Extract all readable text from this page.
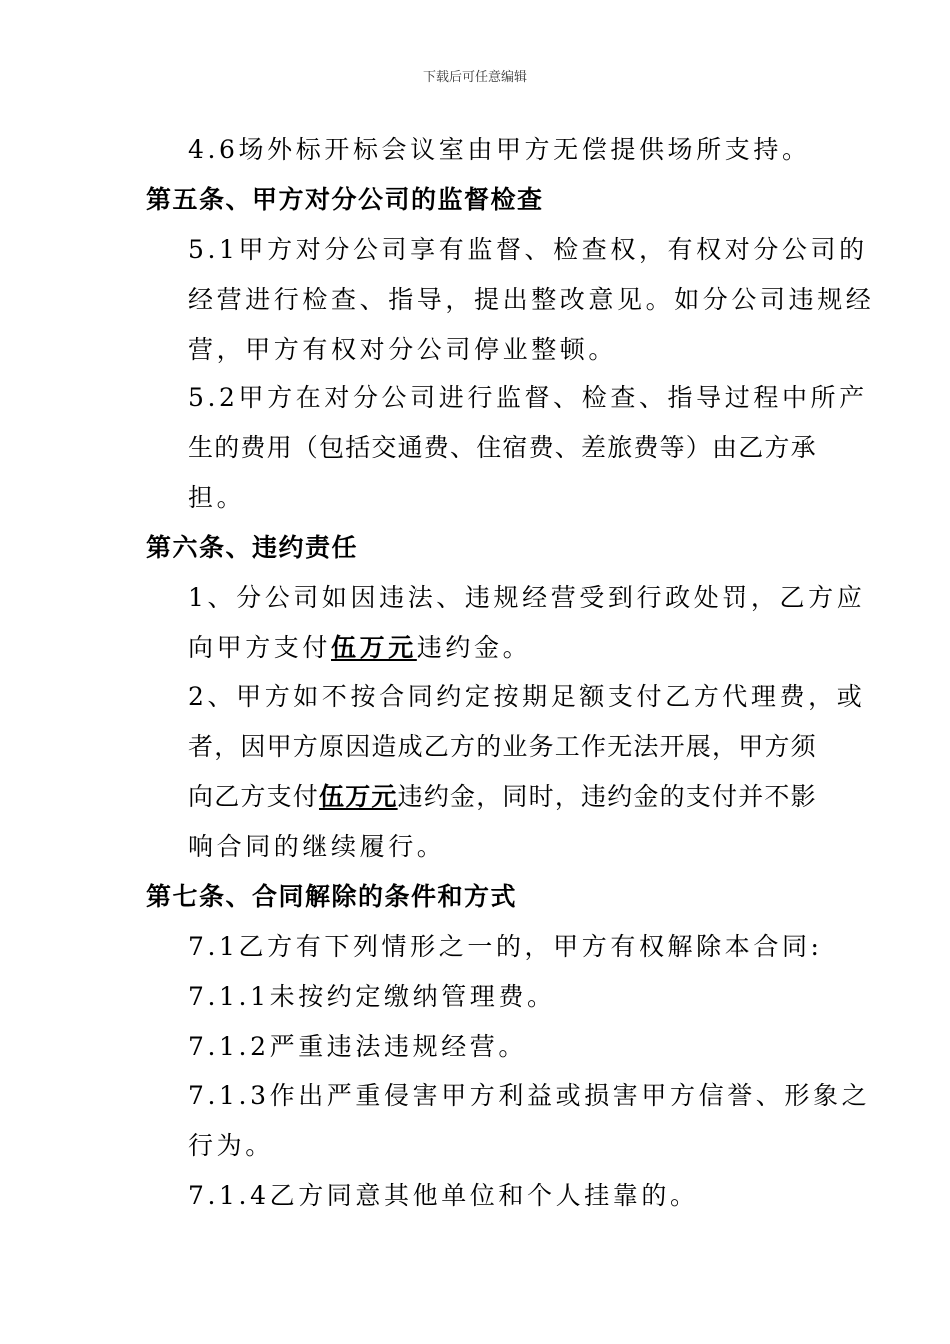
下载后可任意编辑
4.6场外标开标会议室由甲方无偿提供场所支持。
第五条、甲方对分公司的监督检查
5.1甲方对分公司享有监督、检查权，有权对分公司的
经营进行检查、指导，提出整改意见。如分公司违规经
营，甲方有权对分公司停业整顿。
5.2甲方在对分公司进行监督、检查、指导过程中所产
生的费用（包括交通费、住宿费、差旅费等）由乙方承
担。
第六条、违约责任
1、分公司如因违法、违规经营受到行政处罚，乙方应
向甲方支付伍万元违约金。
2、甲方如不按合同约定按期足额支付乙方代理费，或
者，因甲方原因造成乙方的业务工作无法开展，甲方须
向乙方支付伍万元违约金，同时，违约金的支付并不影
响合同的继续履行。
第七条、合同解除的条件和方式
7.1乙方有下列情形之一的，甲方有权解除本合同:
7.1.1未按约定缴纳管理费。
7.1.2严重违法违规经营。
7.1.3作出严重侵害甲方利益或损害甲方信誉、形象之
行为。
7.1.4乙方同意其他单位和个人挂靠的。
